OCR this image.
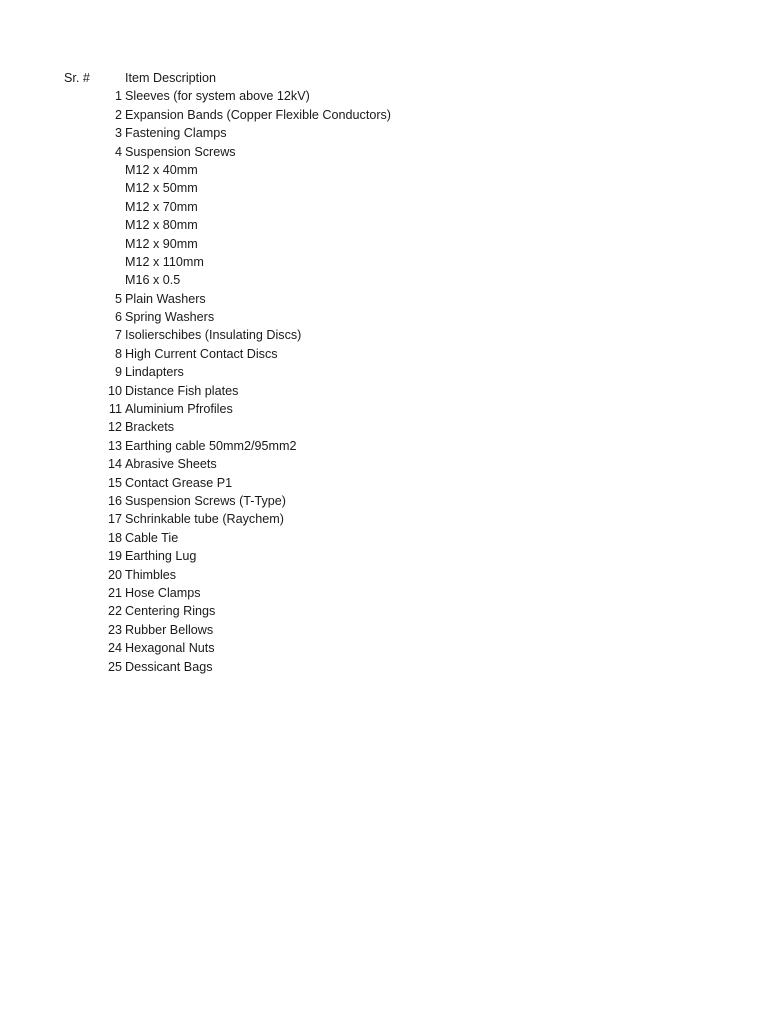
Sr. #	Item Description
1 Sleeves (for system above 12kV)
2 Expansion Bands (Copper Flexible Conductors)
3 Fastening Clamps
4 Suspension Screws
M12 x 40mm
M12 x 50mm
M12 x 70mm
M12 x 80mm
M12 x 90mm
M12 x 110mm
M16 x 0.5
5 Plain Washers
6 Spring Washers
7 Isolierschibes (Insulating Discs)
8 High Current Contact Discs
9 Lindapters
10 Distance Fish plates
11 Aluminium Pfrofiles
12 Brackets
13 Earthing cable 50mm2/95mm2
14 Abrasive Sheets
15 Contact Grease P1
16 Suspension Screws (T-Type)
17 Schrinkable tube (Raychem)
18 Cable Tie
19 Earthing Lug
20 Thimbles
21 Hose Clamps
22 Centering Rings
23 Rubber Bellows
24 Hexagonal Nuts
25 Dessicant Bags
